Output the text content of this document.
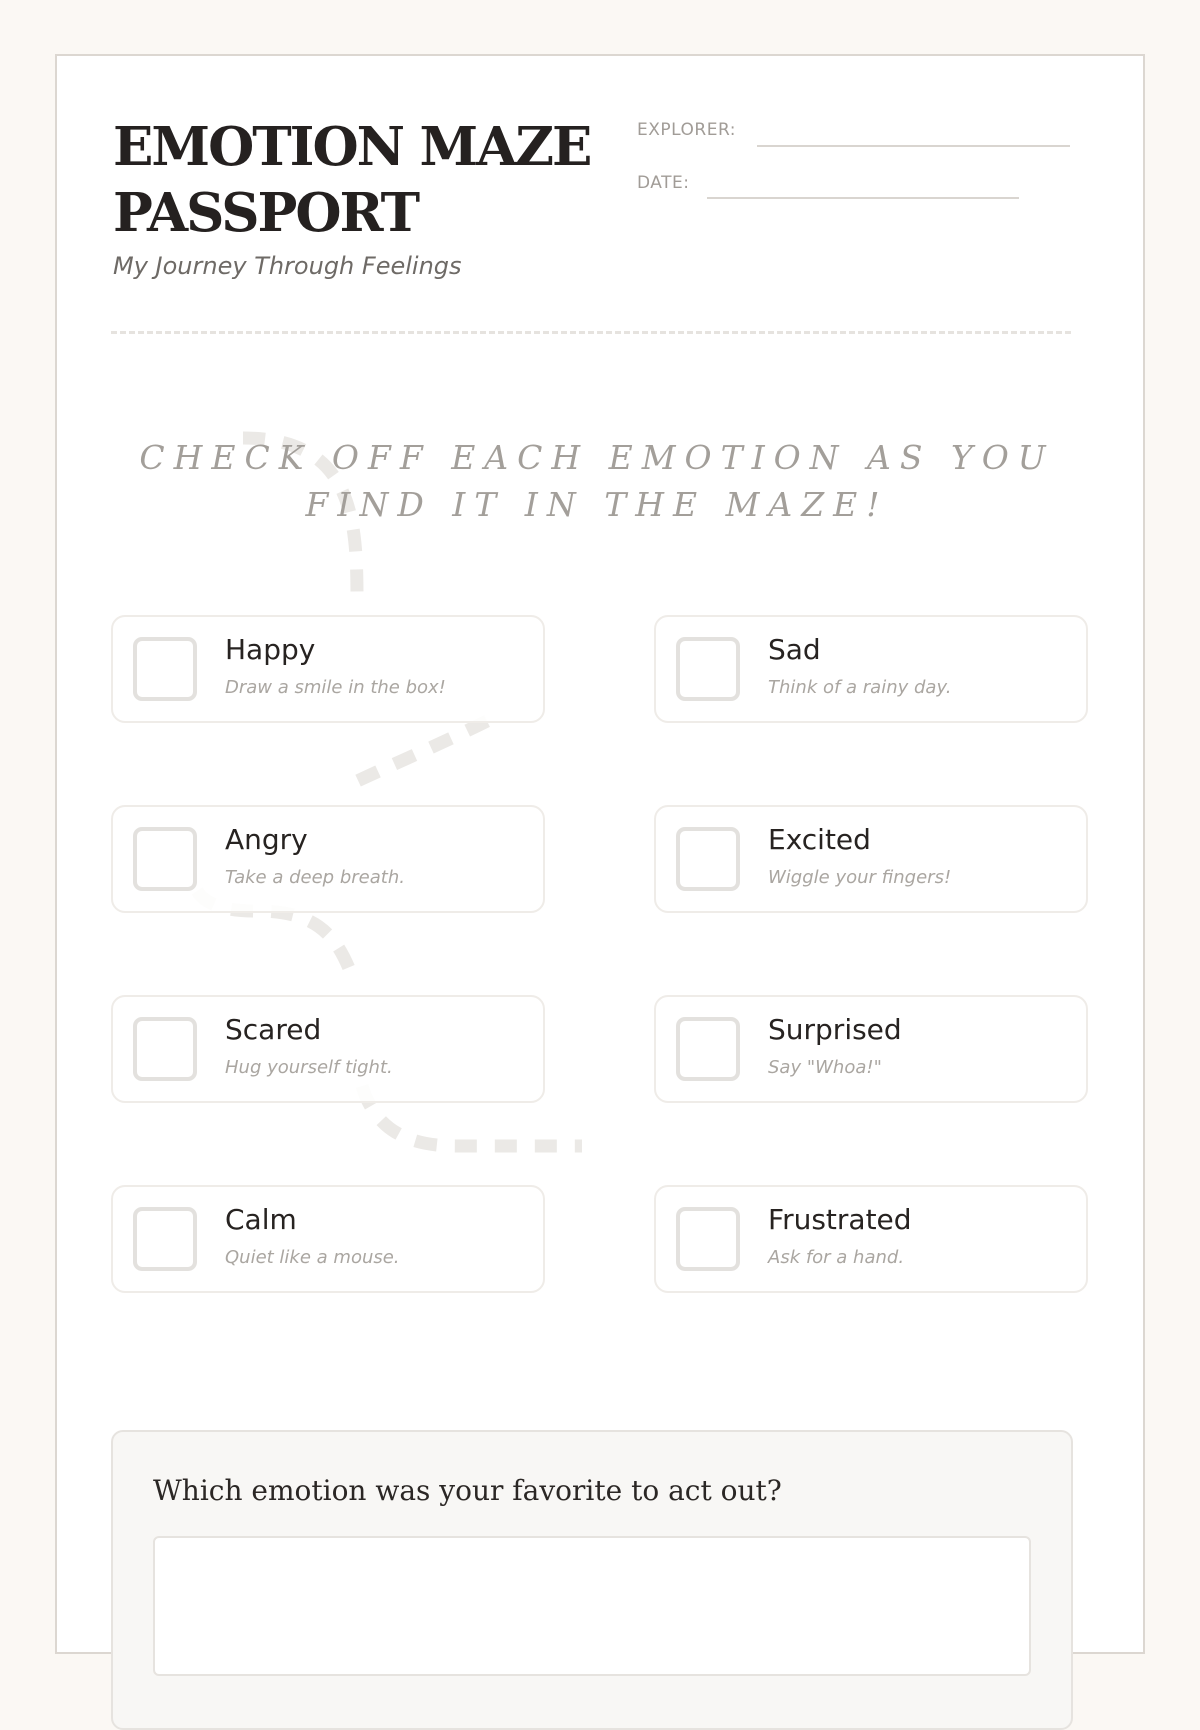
EMOTION MAZE PASSPORT
My Journey Through Feelings
EXPLORER:
DATE:
CHECK OFF EACH EMOTION AS YOU FIND IT IN THE MAZE!
Happy
Draw a smile in the box!
Sad
Think of a rainy day.
Angry
Take a deep breath.
Excited
Wiggle your fingers!
Scared
Hug yourself tight.
Surprised
Say "Whoa!"
Calm
Quiet like a mouse.
Frustrated
Ask for a hand.
Which emotion was your favorite to act out?
